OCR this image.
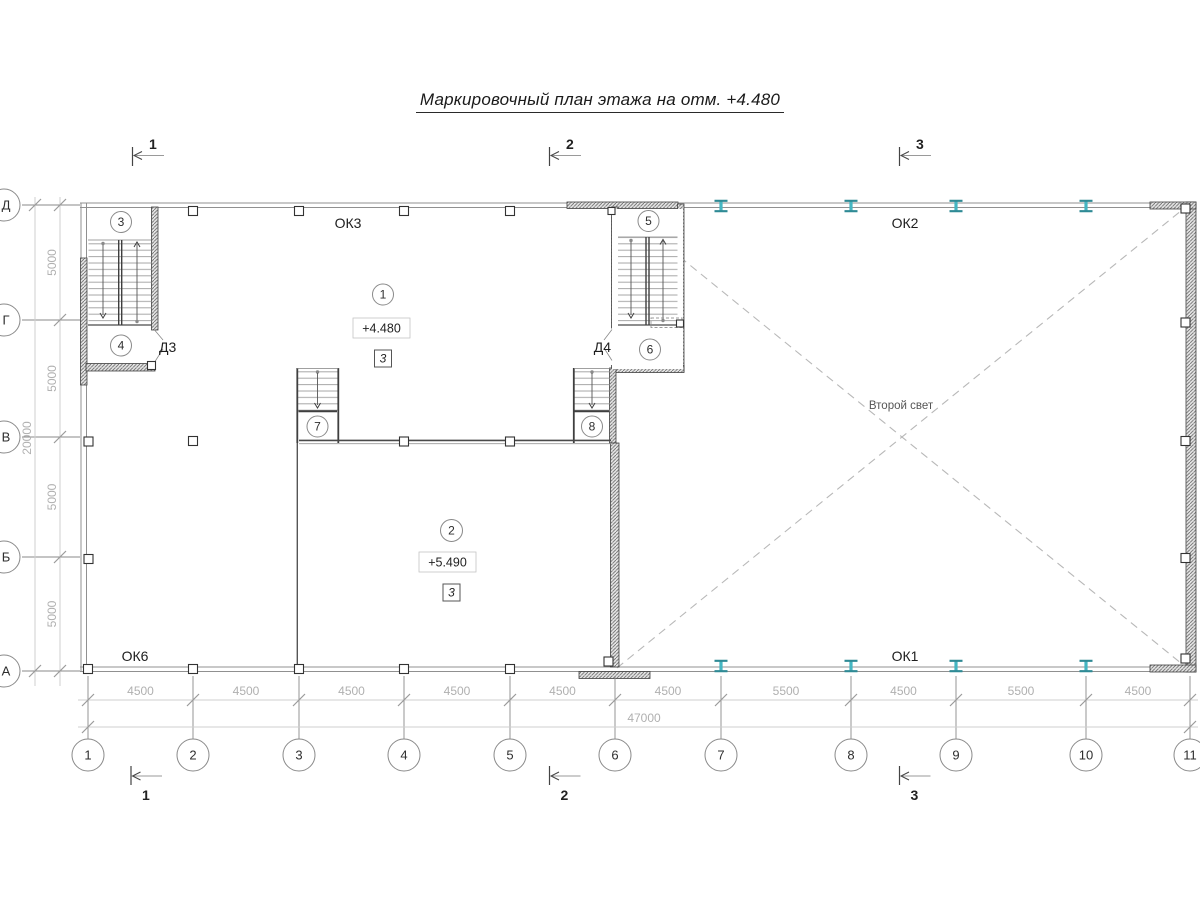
Маркировочный план этажа на отм. +4.480
1
2
3
4
5
6
7	8
+4.480
3
+5.490
3
ОК3	ОК2
ОК6	ОК1
Д3	Д4
Второй свет
5000
5000
5000
5000
20000
Д
Г
В
Б
А
4500	4500	4500	4500	4500	4500	5500	4500	5500	4500
47000
1	2	3	4	5	6	7	8	9	10	11
1	2	3
1	2	3
